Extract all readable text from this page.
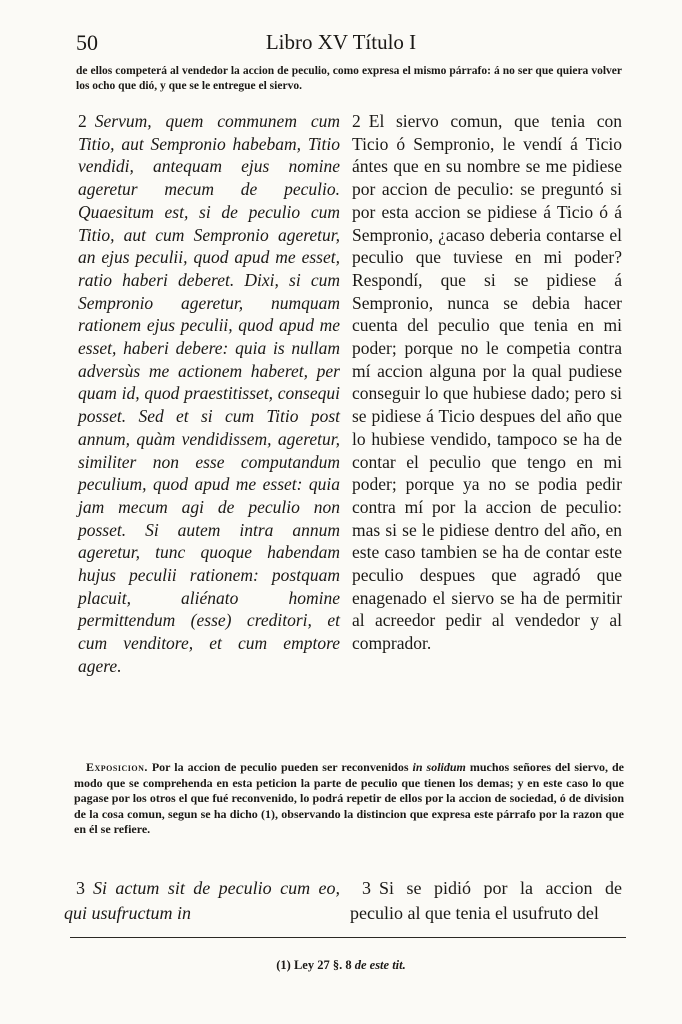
50	Libro XV Título I
de ellos competerá al vendedor la accion de peculio, como expresa el mismo párrafo: á no ser que quiera volver los ocho que dió, y que se le entregue el siervo.

2 Servum, quem communem cum Titio, aut Sempronio habebam, Titio vendidi, antequam ejus nomine ageretur mecum de peculio. Quaesitum est, si de peculio cum Titio, aut cum Sempronio ageretur, an ejus peculii, quod apud me esset, ratio haberi deberet. Dixi, si cum Sempronio ageretur, numquam rationem ejus peculii, quod apud me esset, haberi debere: quia is nullam adversùs me actionem haberet, per quam id, quod praestitisset, consequi posset. Sed et si cum Titio post annum, quàm vendidissem, ageretur, similiter non esse computandum peculium, quod apud me esset: quia jam mecum agi de peculio non posset. Si autem intra annum ageretur, tunc quoque habendam hujus peculii rationem: postquam placuit, aliénato homine permittendum (esse) creditori, et cum venditore, et cum emptore agere.

2 El siervo comun, que tenia con Ticio ó Sempronio, le vendí á Ticio ántes que en su nombre se me pidiese por accion de peculio: se preguntó si por esta accion se pidiese á Ticio ó á Sempronio, ¿acaso deberia contarse el peculio que tuviese en mi poder? Respondí, que si se pidiese á Sempronio, nunca se debia hacer cuenta del peculio que tenia en mi poder; porque no le competia contra mí accion alguna por la qual pudiese conseguir lo que hubiese dado; pero si se pidiese á Ticio despues del año que lo hubiese vendido, tampoco se ha de contar el peculio que tengo en mi poder; porque ya no se podia pedir contra mí por la accion de peculio: mas si se le pidiese dentro del año, en este caso tambien se ha de contar este peculio despues que agradó que enagenado el siervo se ha de permitir al acreedor pedir al vendedor y al comprador.

Exposicion. Por la accion de peculio pueden ser reconvenidos in solidum muchos señores del siervo, de modo que se comprehenda en esta peticion la parte de peculio que tienen los demas; y en este caso lo que pagase por los otros el que fué reconvenido, lo podrá repetir de ellos por la accion de sociedad, ó de division de la cosa comun, segun se ha dicho (1), observando la distincion que expresa este párrafo por la razon que en él se refiere.

3 Si actum sit de peculio cum eo, qui usufructum in

3 Si se pidió por la accion de peculio al que tenia el usufruto del

(1) Ley 27 §. 8 de este tit.
